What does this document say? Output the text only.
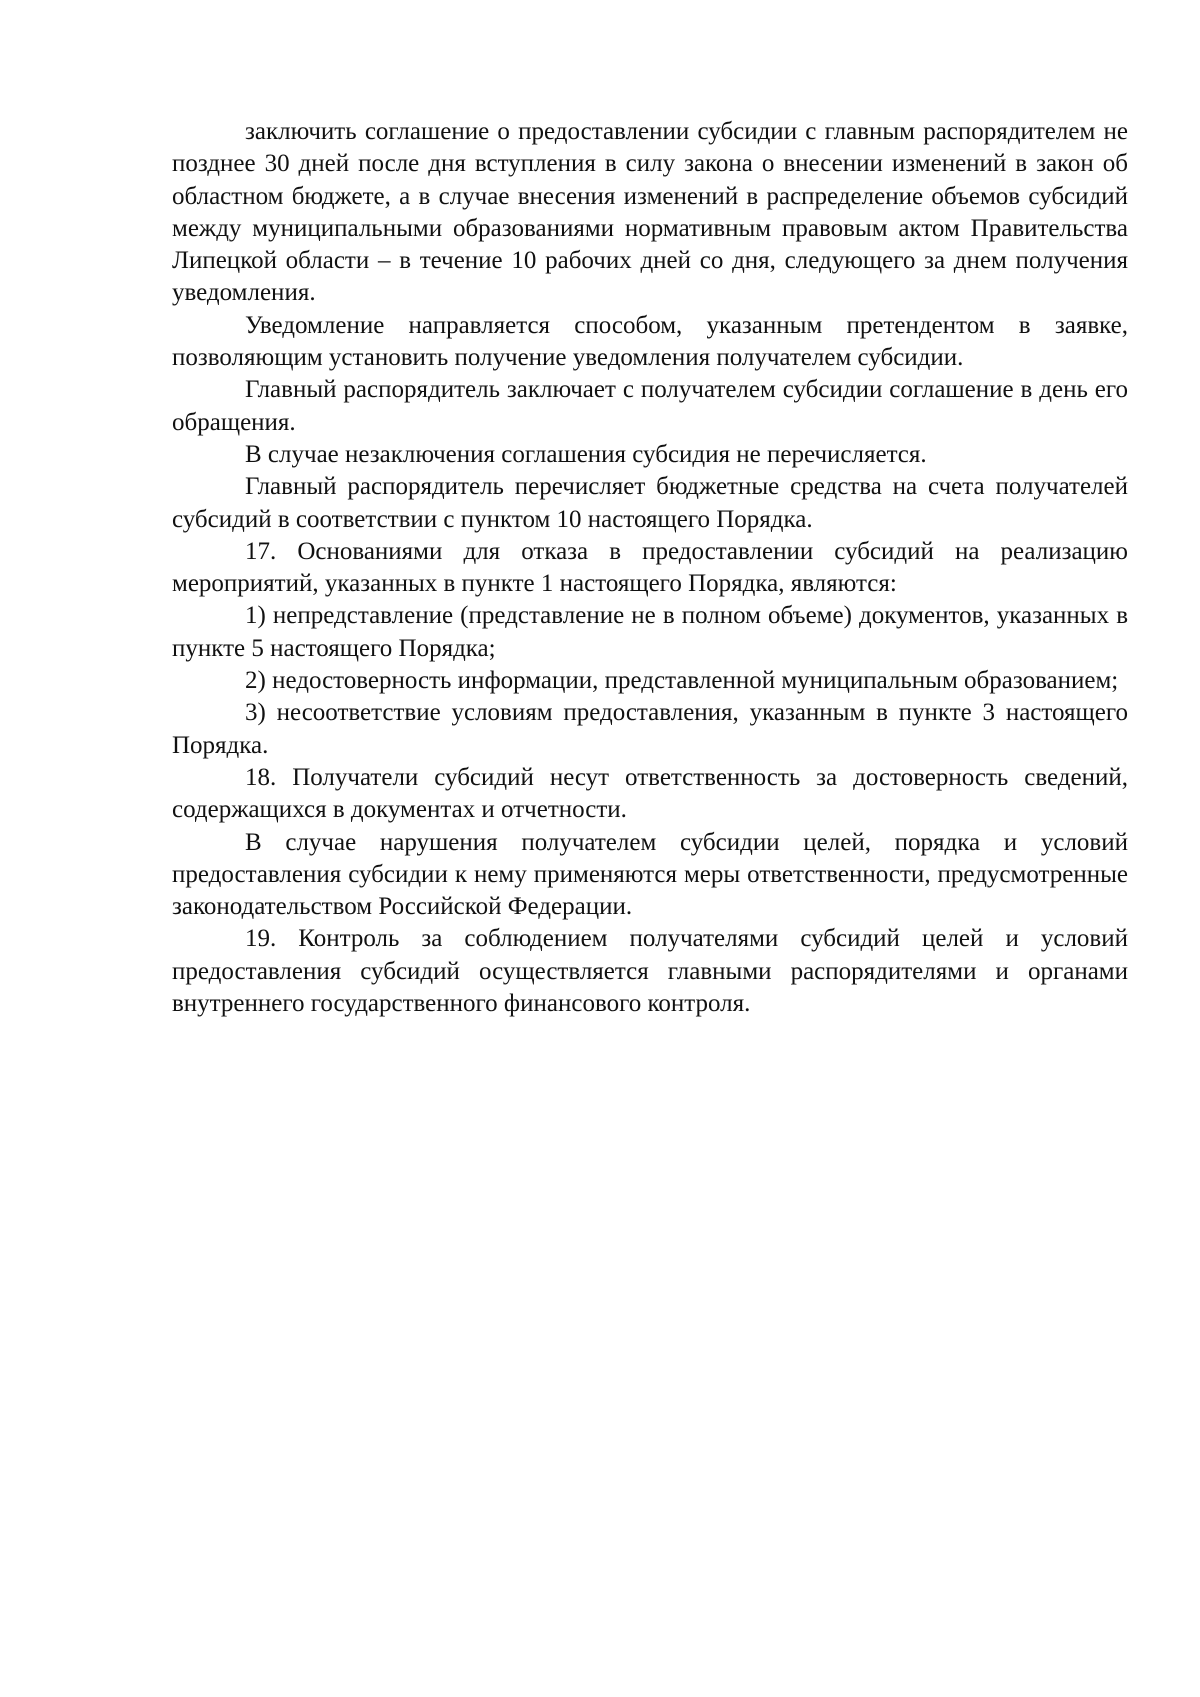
заключить соглашение о предоставлении субсидии с главным распорядителем не позднее 30 дней после дня вступления в силу закона о внесении изменений в закон об областном бюджете, а в случае внесения изменений в распределение объемов субсидий между муниципальными образованиями нормативным правовым актом Правительства Липецкой области – в течение 10 рабочих дней со дня, следующего за днем получения уведомления.

Уведомление направляется способом, указанным претендентом в заявке, позволяющим установить получение уведомления получателем субсидии.

Главный распорядитель заключает с получателем субсидии соглашение в день его обращения.

В случае незаключения соглашения субсидия не перечисляется.

Главный распорядитель перечисляет бюджетные средства на счета получателей субсидий в соответствии с пунктом 10 настоящего Порядка.

17. Основаниями для отказа в предоставлении субсидий на реализацию мероприятий, указанных в пункте 1 настоящего Порядка, являются:

1) непредставление (представление не в полном объеме) документов, указанных в пункте 5 настоящего Порядка;

2) недостоверность информации, представленной муниципальным образованием;

3) несоответствие условиям предоставления, указанным в пункте 3 настоящего Порядка.

18. Получатели субсидий несут ответственность за достоверность сведений, содержащихся в документах и отчетности.

В случае нарушения получателем субсидии целей, порядка и условий предоставления субсидии к нему применяются меры ответственности, предусмотренные законодательством Российской Федерации.

19. Контроль за соблюдением получателями субсидий целей и условий предоставления субсидий осуществляется главными распорядителями и органами внутреннего государственного финансового контроля.
